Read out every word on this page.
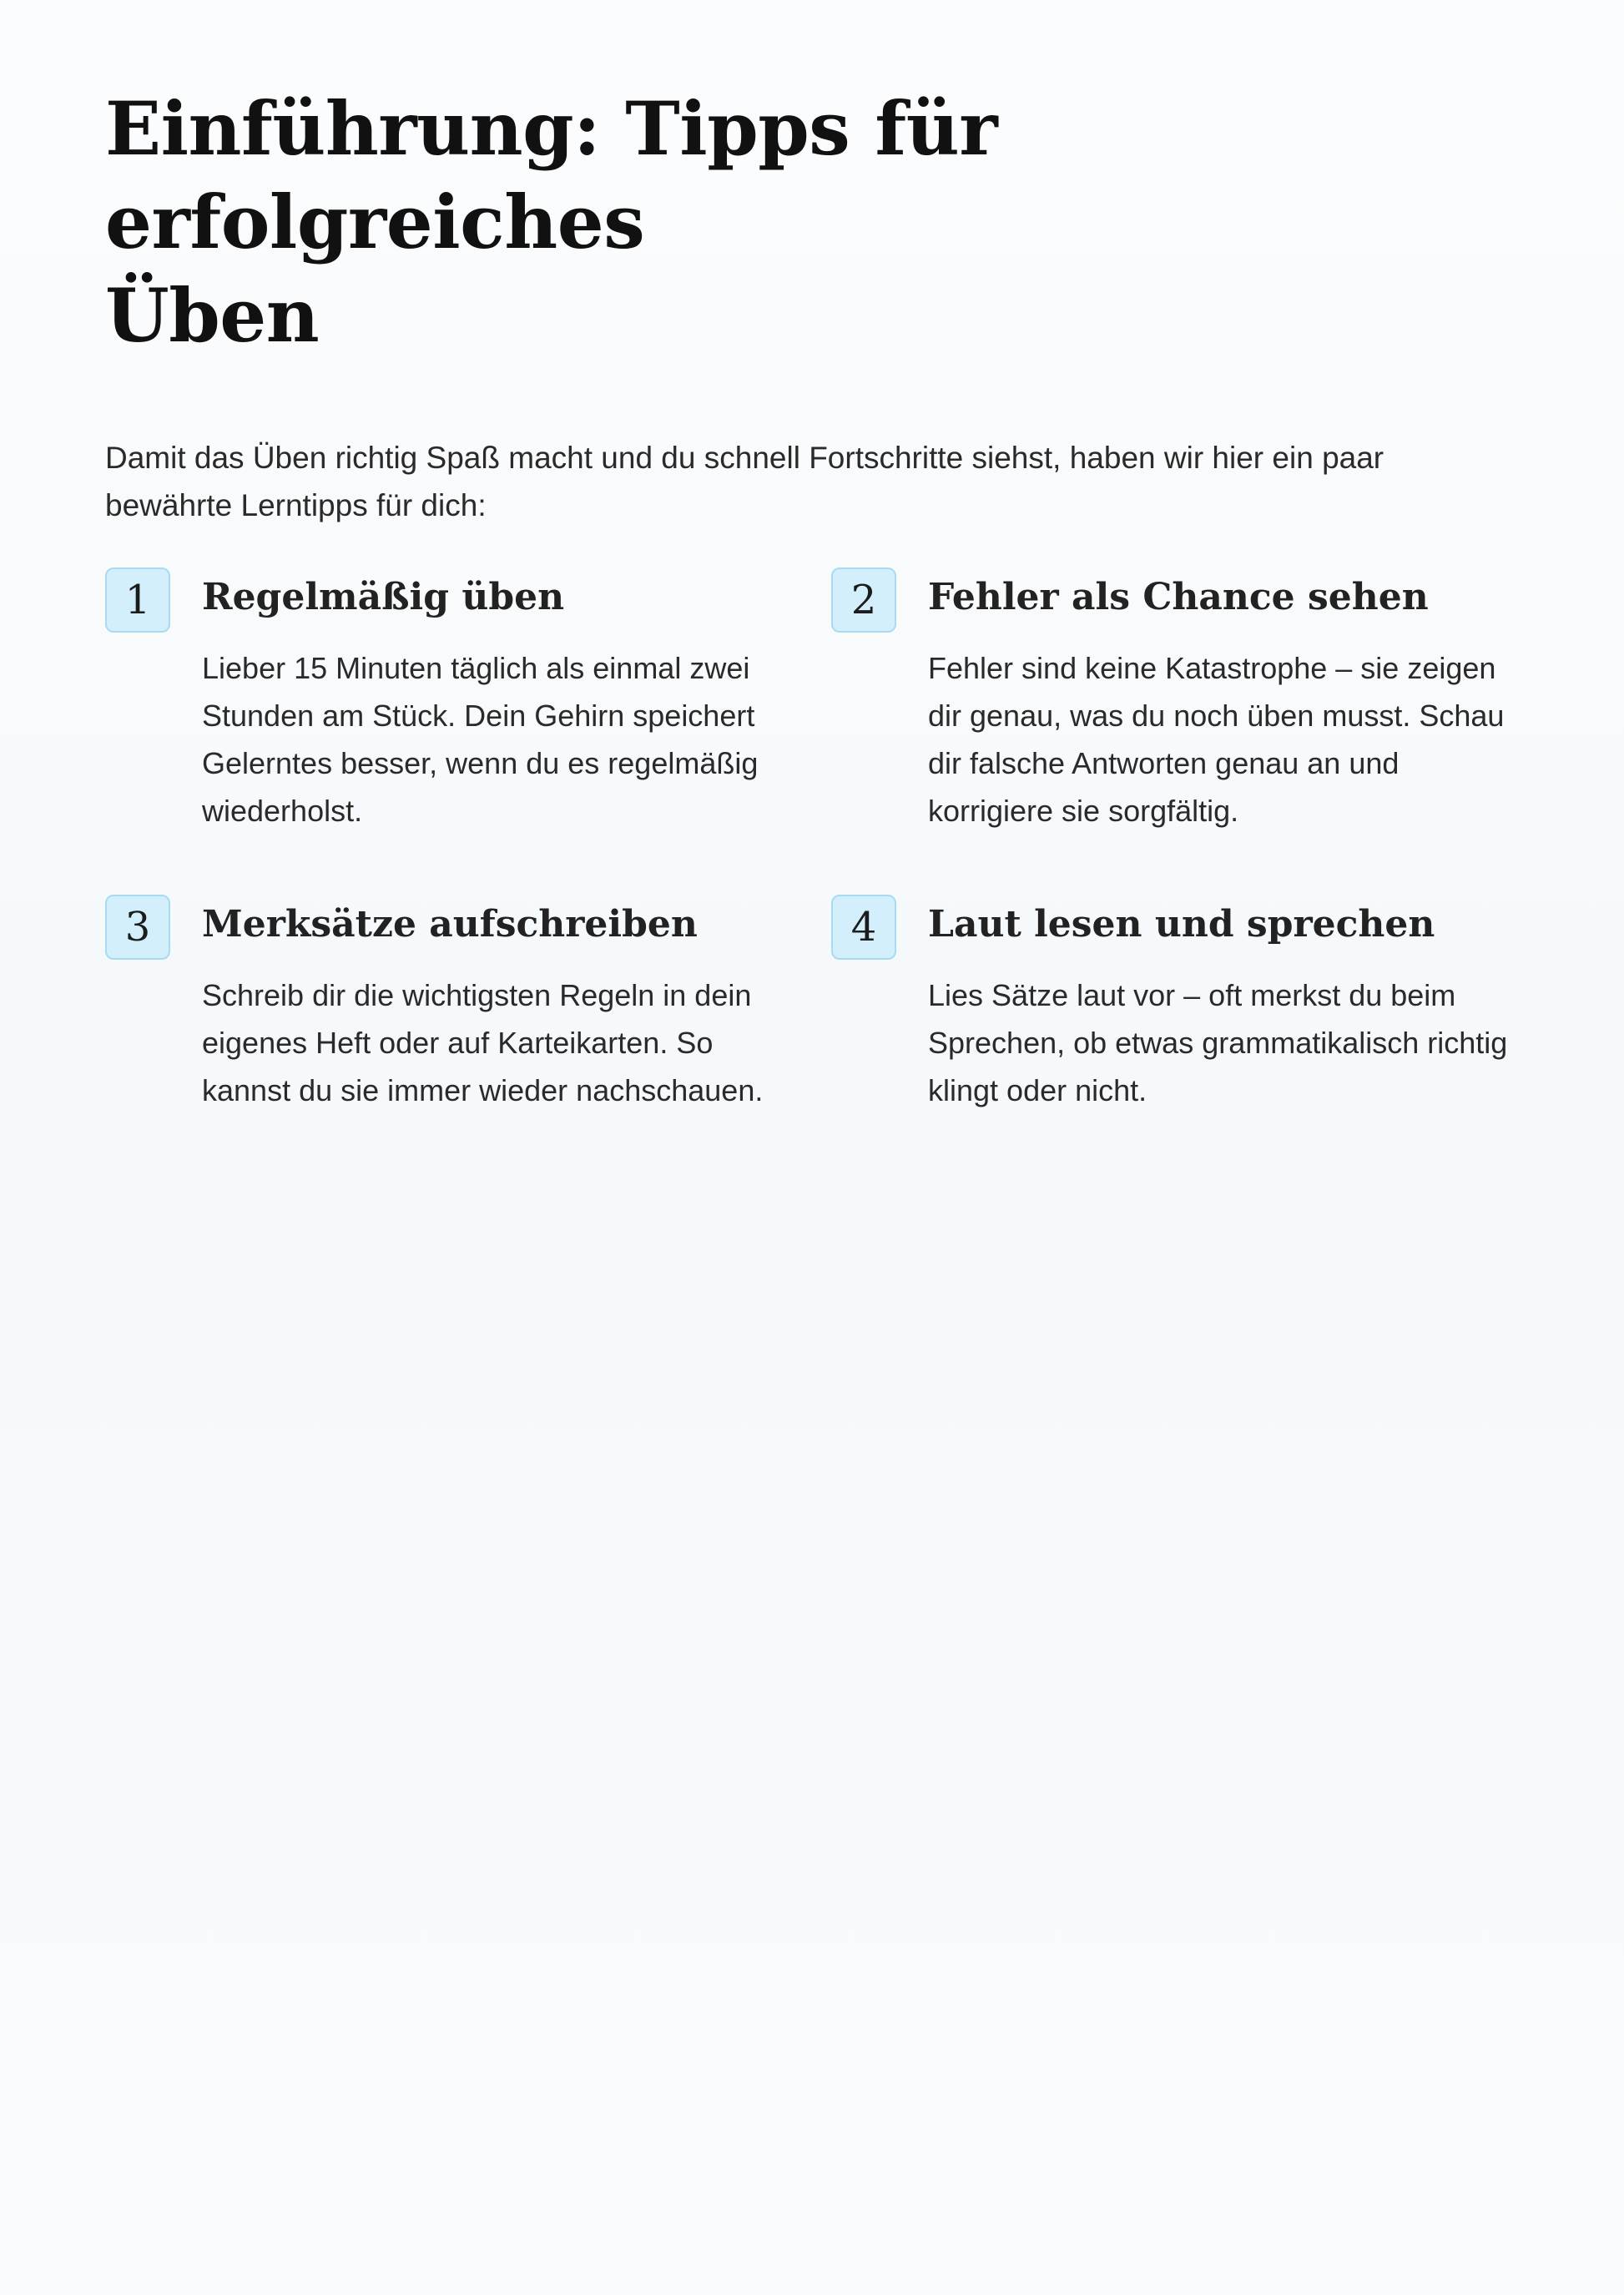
Einführung: Tipps für erfolgreiches
Üben

Damit das Üben richtig Spaß macht und du schnell Fortschritte siehst, haben wir hier ein paar bewährte Lerntipps für dich:

1	Regelmäßig üben

Lieber 15 Minuten täglich als einmal zwei Stunden am Stück. Dein Gehirn speichert Gelerntes besser, wenn du es regelmäßig wiederholst.

2	Fehler als Chance sehen

Fehler sind keine Katastrophe – sie zeigen dir genau, was du noch üben musst. Schau dir falsche Antworten genau an und korrigiere sie sorgfältig.

3	Merksätze aufschreiben

Schreib dir die wichtigsten Regeln in dein eigenes Heft oder auf Karteikarten. So kannst du sie immer wieder nachschauen.

4	Laut lesen und sprechen

Lies Sätze laut vor – oft merkst du beim Sprechen, ob etwas grammatikalisch richtig klingt oder nicht.
